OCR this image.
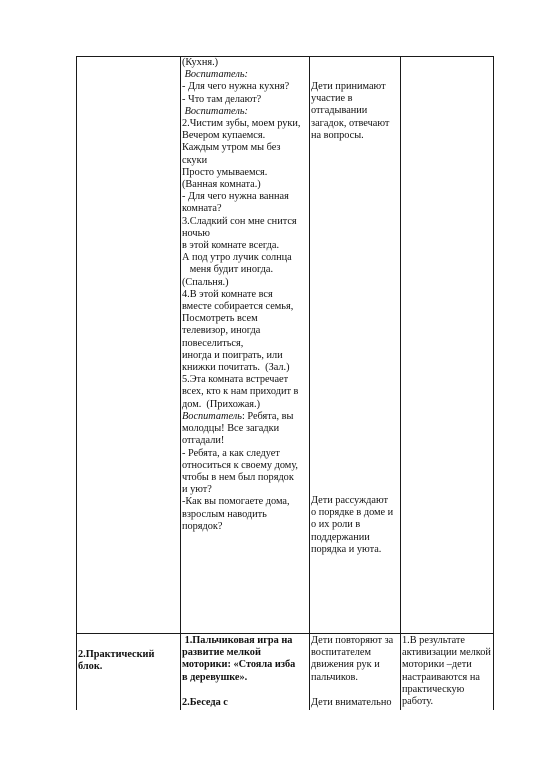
(Кухня.)
Воспитатель:
- Для чего нужна кухня?
- Что там делают?
Воспитатель:
2.Чистим зубы, моем руки,
Вечером купаемся.
Каждым утром мы без
скуки
Просто умываемся.
(Ванная комната.)
- Для чего нужна ванная
комната?
3.Сладкий сон мне снится
ночью
в этой комнате всегда.
А под утро лучик солнца
меня будит иногда.
(Спальня.)
4.В этой комнате вся
вместе собирается семья,
Посмотреть всем
телевизор, иногда
повеселиться,
иногда и поиграть, или
книжки почитать.  (Зал.)
5.Эта комната встречает
всех, кто к нам приходит в
дом.  (Прихожая.)
Воспитатель: Ребята, вы
молодцы! Все загадки
отгадали!
- Ребята, а как следует
относиться к своему дому,
чтобы в нем был порядок
и уют?
-Как вы помогаете дома,
взрослым наводить
порядок?
Дети принимают
участие в
отгадывании
загадок, отвечают
на вопросы.
Дети рассуждают
о порядке в доме и
о их роли в
поддержании
порядка и уюта.
2.Практический
блок.
1.Пальчиковая игра на
развитие мелкой
моторики: «Стояла изба
в деревушке».
2.Беседа с
Дети повторяют за
воспитателем
движения рук и
пальчиков.
Дети внимательно
1.В результате
активизации мелкой
моторики –дети
настраиваются на
практическую
работу.
